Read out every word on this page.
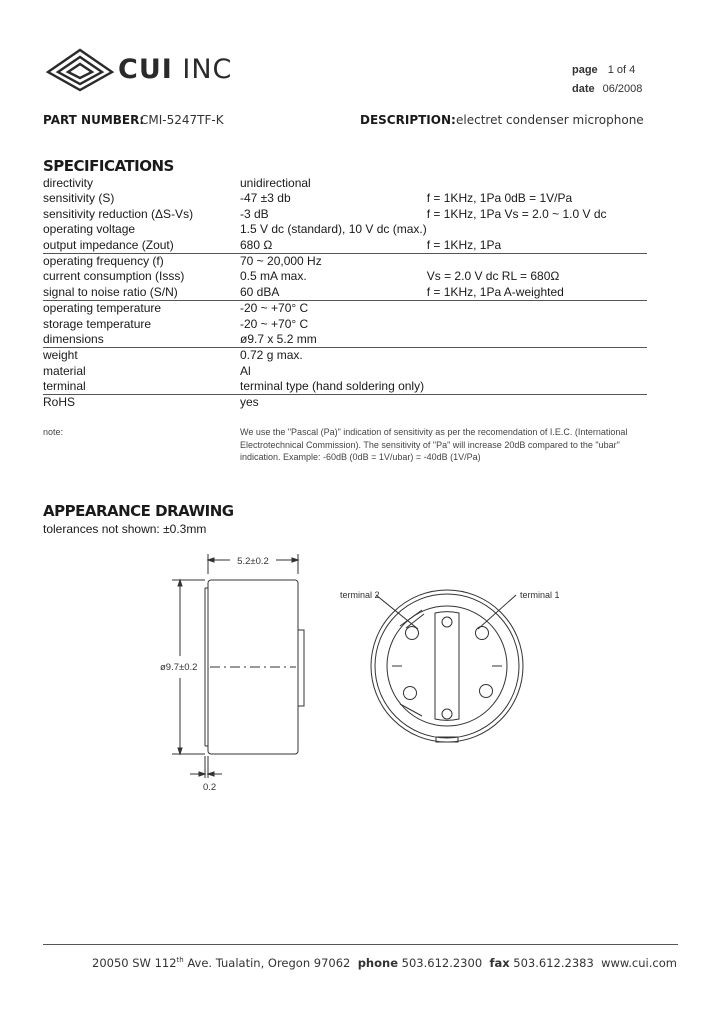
CUI INC	page 1 of 4
date 06/2008
PART NUMBER:
CMI-5247TF-K	DESCRIPTION: electret condenser microphone
SPECIFICATIONS
directivity	unidirectional	
sensitivity (S)	-47 ±3 db	f = 1KHz, 1Pa 0dB = 1V/Pa
sensitivity reduction (ΔS-Vs)	-3 dB	f = 1KHz, 1Pa Vs = 2.0 ~ 1.0 V dc
operating voltage	1.5 V dc (standard), 10 V dc (max.)	
output impedance (Zout)	680 Ω	f = 1KHz, 1Pa
operating frequency (f)	70 ~ 20,000 Hz	
current consumption (Isss)	0.5 mA max.	Vs = 2.0 V dc RL = 680Ω
signal to noise ratio (S/N)	60 dBA	f = 1KHz, 1Pa A-weighted
operating temperature	-20 ~ +70° C	
storage temperature	-20 ~ +70° C	
dimensions	ø9.7 x 5.2 mm	
weight	0.72 g max.	
material	Al	
terminal	terminal type (hand soldering only)	
RoHS	yes	
note:	We use the "Pascal (Pa)" indication of sensitivity as per the recomendation of I.E.C. (International Electrotechnical Commission). The sensitivity of "Pa" will increase 20dB compared to the "ubar" indication. Example: -60dB (0dB = 1V/ubar) = -40dB (1V/Pa)
APPEARANCE DRAWING
tolerances not shown: ±0.3mm
5.2±0.2
ø9.7±0.2
0.2
terminal 2	terminal 1
20050 SW 112th Ave. Tualatin, Oregon 97062 phone 503.612.2300 fax 503.612.2383 www.cui.com
